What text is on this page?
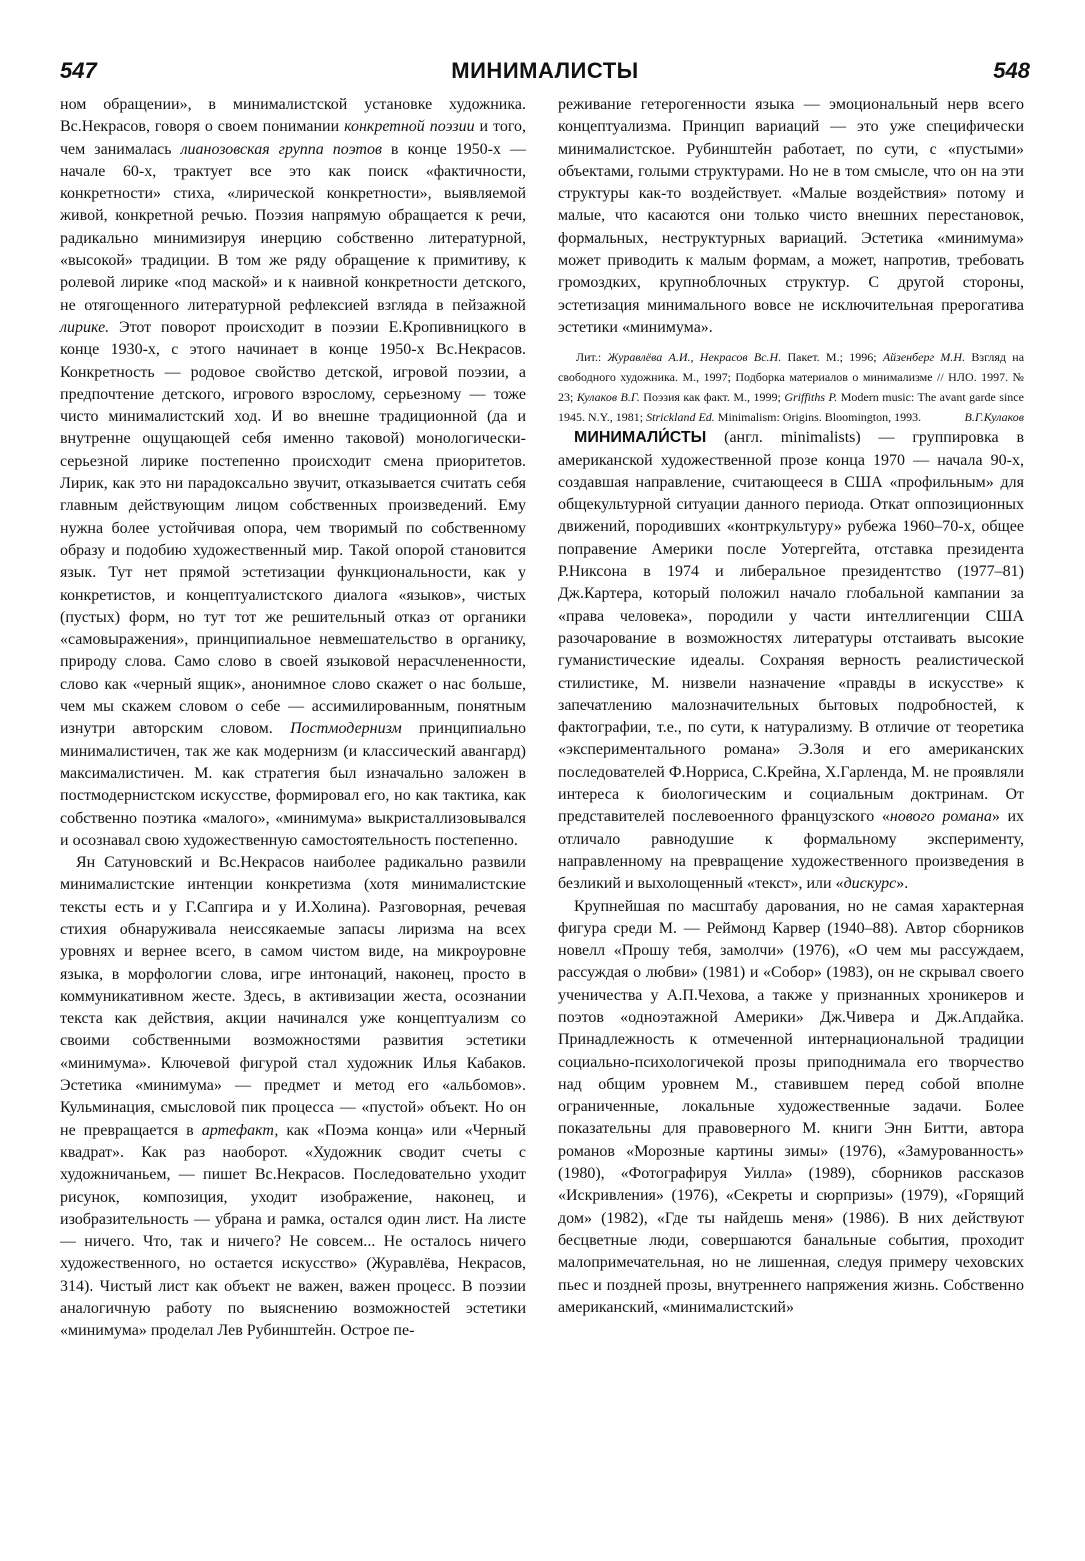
547	МИНИМАЛИСТЫ	548

ном обращении», в минималистской установке художника. Вс.Некрасов, говоря о своем понимании конкретной поэзии и того, чем занималась лианозовская группа поэтов в конце 1950-х — начале 60-х, трактует все это как поиск «фактичности, конкретности» стиха, «лирической конкретности», выявляемой живой, конкретной речью. Поэзия напрямую обращается к речи, радикально минимизируя инерцию собственно литературной, «высокой» традиции. В том же ряду обращение к примитиву, к ролевой лирике «под маской» и к наивной конкретности детского, не отягощенного литературной рефлексией взгляда в пейзажной лирике. Этот поворот происходит в поэзии Е.Кропивницкого в конце 1930-х, с этого начинает в конце 1950-х Вс.Некрасов. Конкретность — родовое свойство детской, игровой поэзии, а предпочтение детского, игрового взрослому, серьезному — тоже чисто минималистский ход. И во внешне традиционной (да и внутренне ощущающей себя именно таковой) монологически-серьезной лирике постепенно происходит смена приоритетов. Лирик, как это ни парадоксально звучит, отказывается считать себя главным действующим лицом собственных произведений. Ему нужна более устойчивая опора, чем творимый по собственному образу и подобию художественный мир. Такой опорой становится язык. Тут нет прямой эстетизации функциональности, как у конкретистов, и концептуалистского диалога «языков», чистых (пустых) форм, но тут тот же решительный отказ от органики «самовыражения», принципиальное невмешательство в органику, природу слова. Само слово в своей языковой нерасчлененности, слово как «черный ящик», анонимное слово скажет о нас больше, чем мы скажем словом о себе — ассимилированным, понятным изнутри авторским словом. Постмодернизм принципиально минималистичен, так же как модернизм (и классический авангард) максималистичен. М. как стратегия был изначально заложен в постмодернистском искусстве, формировал его, но как тактика, как собственно поэтика «малого», «минимума» выкристаллизовывался и осознавал свою художественную самостоятельность постепенно.

Ян Сатуновский и Вс.Некрасов наиболее радикально развили минималистские интенции конкретизма (хотя минималистские тексты есть и у Г.Сапгира и у И.Холина). Разговорная, речевая стихия обнаруживала неиссякаемые запасы лиризма на всех уровнях и вернее всего, в самом чистом виде, на микроуровне языка, в морфологии слова, игре интонаций, наконец, просто в коммуникативном жесте. Здесь, в активизации жеста, осознании текста как действия, акции начинался уже концептуализм со своими собственными возможностями развития эстетики «минимума». Ключевой фигурой стал художник Илья Кабаков. Эстетика «минимума» — предмет и метод его «альбомов». Кульминация, смысловой пик процесса — «пустой» объект. Но он не превращается в артефакт, как «Поэма конца» или «Черный квадрат». Как раз наоборот. «Художник сводит счеты с художничаньем, — пишет Вс.Некрасов. Последовательно уходит рисунок, композиция, уходит изображение, наконец, и изобразительность — убрана и рамка, остался один лист. На листе — ничего. Что, так и ничего? Не совсем... Не осталось ничего художественного, но остается искусство» (Журавлёва, Некрасов, 314). Чистый лист как объект не важен, важен процесс. В поэзии аналогичную работу по выяснению возможностей эстетики «минимума» проделал Лев Рубинштейн. Острое пе-

реживание гетерогенности языка — эмоциональный нерв всего концептуализма. Принцип вариаций — это уже специфически минималистское. Рубинштейн работает, по сути, с «пустыми» объектами, голыми структурами. Но не в том смысле, что он на эти структуры как-то воздействует. «Малые воздействия» потому и малые, что касаются они только чисто внешних перестановок, формальных, неструктурных вариаций. Эстетика «минимума» может приводить к малым формам, а может, напротив, требовать громоздких, крупноблочных структур. С другой стороны, эстетизация минимального вовсе не исключительная прерогатива эстетики «минимума».

Лит.: Журавлёва А.И., Некрасов Вс.Н. Пакет. М.; 1996; Айзенберг М.Н. Взгляд на свободного художника. М., 1997; Подборка материалов о минимализме // НЛО. 1997. № 23; Кулаков В.Г. Поэзия как факт. М., 1999; Griffiths P. Modern music: The avant garde since 1945. N.Y., 1981; Strickland Ed. Minimalism: Origins. Bloomington, 1993.	В.Г.Кулаков

МИНИМАЛИ́СТЫ (англ. minimalists) — группировка в американской художественной прозе конца 1970 — начала 90-х, создавшая направление, считающееся в США «профильным» для общекультурной ситуации данного периода. Откат оппозиционных движений, породивших «контркультуру» рубежа 1960–70-х, общее поправение Америки после Уотергейта, отставка президента Р.Никсона в 1974 и либеральное президентство (1977–81) Дж.Картера, который положил начало глобальной кампании за «права человека», породили у части интеллигенции США разочарование в возможностях литературы отстаивать высокие гуманистические идеалы. Сохраняя верность реалистической стилистике, М. низвели назначение «правды в искусстве» к запечатлению малозначительных бытовых подробностей, к фактографии, т.е., по сути, к натурализму. В отличие от теоретика «экспериментального романа» Э.Золя и его американских последователей Ф.Норриса, С.Крейна, Х.Гарленда, М. не проявляли интереса к биологическим и социальным доктринам. От представителей послевоенного французского «нового романа» их отличало равнодушие к формальному эксперименту, направленному на превращение художественного произведения в безликий и выхолощенный «текст», или «дискурс».

Крупнейшая по масштабу дарования, но не самая характерная фигура среди М. — Реймонд Карвер (1940–88). Автор сборников новелл «Прошу тебя, замолчи» (1976), «О чем мы рассуждаем, рассуждая о любви» (1981) и «Собор» (1983), он не скрывал своего ученичества у А.П.Чехова, а также у признанных хроникеров и поэтов «одноэтажной Америки» Дж.Чивера и Дж.Апдайка. Принадлежность к отмеченной интернациональной традиции социально-психологичекой прозы приподнимала его творчество над общим уровнем М., ставившем перед собой вполне ограниченные, локальные художественные задачи. Более показательны для правоверного М. книги Энн Битти, автора романов «Морозные картины зимы» (1976), «Замурованность» (1980), «Фотографируя Уилла» (1989), сборников рассказов «Искривления» (1976), «Секреты и сюрпризы» (1979), «Горящий дом» (1982), «Где ты найдешь меня» (1986). В них действуют бесцветные люди, совершаются банальные события, проходит малопримечательная, но не лишенная, следуя примеру чеховских пьес и поздней прозы, внутреннего напряжения жизнь. Собственно американский, «минималистский»
